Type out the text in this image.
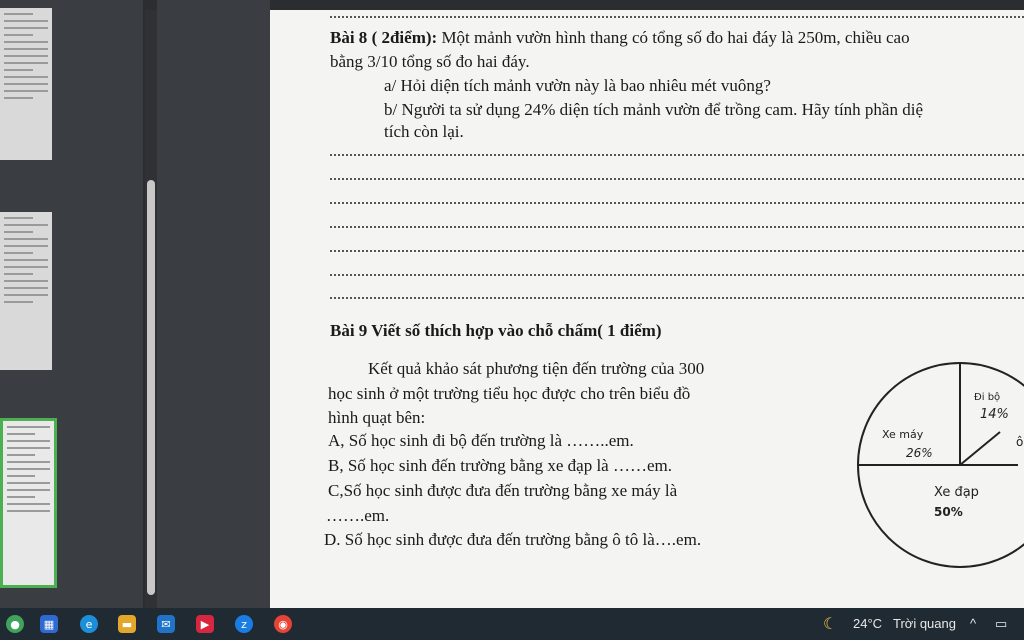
Bài 8 ( 2điểm): Một mảnh vườn hình thang có tổng số đo hai đáy là 250m, chiều cao
bằng 3/10 tổng số đo hai đáy.
a/ Hỏi diện tích mảnh vườn này là bao nhiêu mét vuông?
b/ Người ta sử dụng 24% diện tích mảnh vườn để trồng cam. Hãy tính phần diệ
tích còn lại.
Bài 9 Viết số thích hợp vào chỗ chấm( 1 điểm)
Kết quả khảo sát phương tiện đến trường của 300
học sinh ở một trường tiểu học được cho trên biểu đồ
hình quạt bên:
A, Số học sinh đi bộ đến trường là ……..em.
B, Số học sinh đến trường bằng xe đạp là ……em.
C,Số học sinh được đưa đến trường bằng xe máy là
…….em.
D. Số học sinh được đưa đến trường bằng ô tô là….em.
Đi bộ
14%
Xe máy
26%
Xe đạp
50%
ô
●	▦	e	▬	✉	▶	z	◉	☾ 24°C Trời quang ^ ▭
